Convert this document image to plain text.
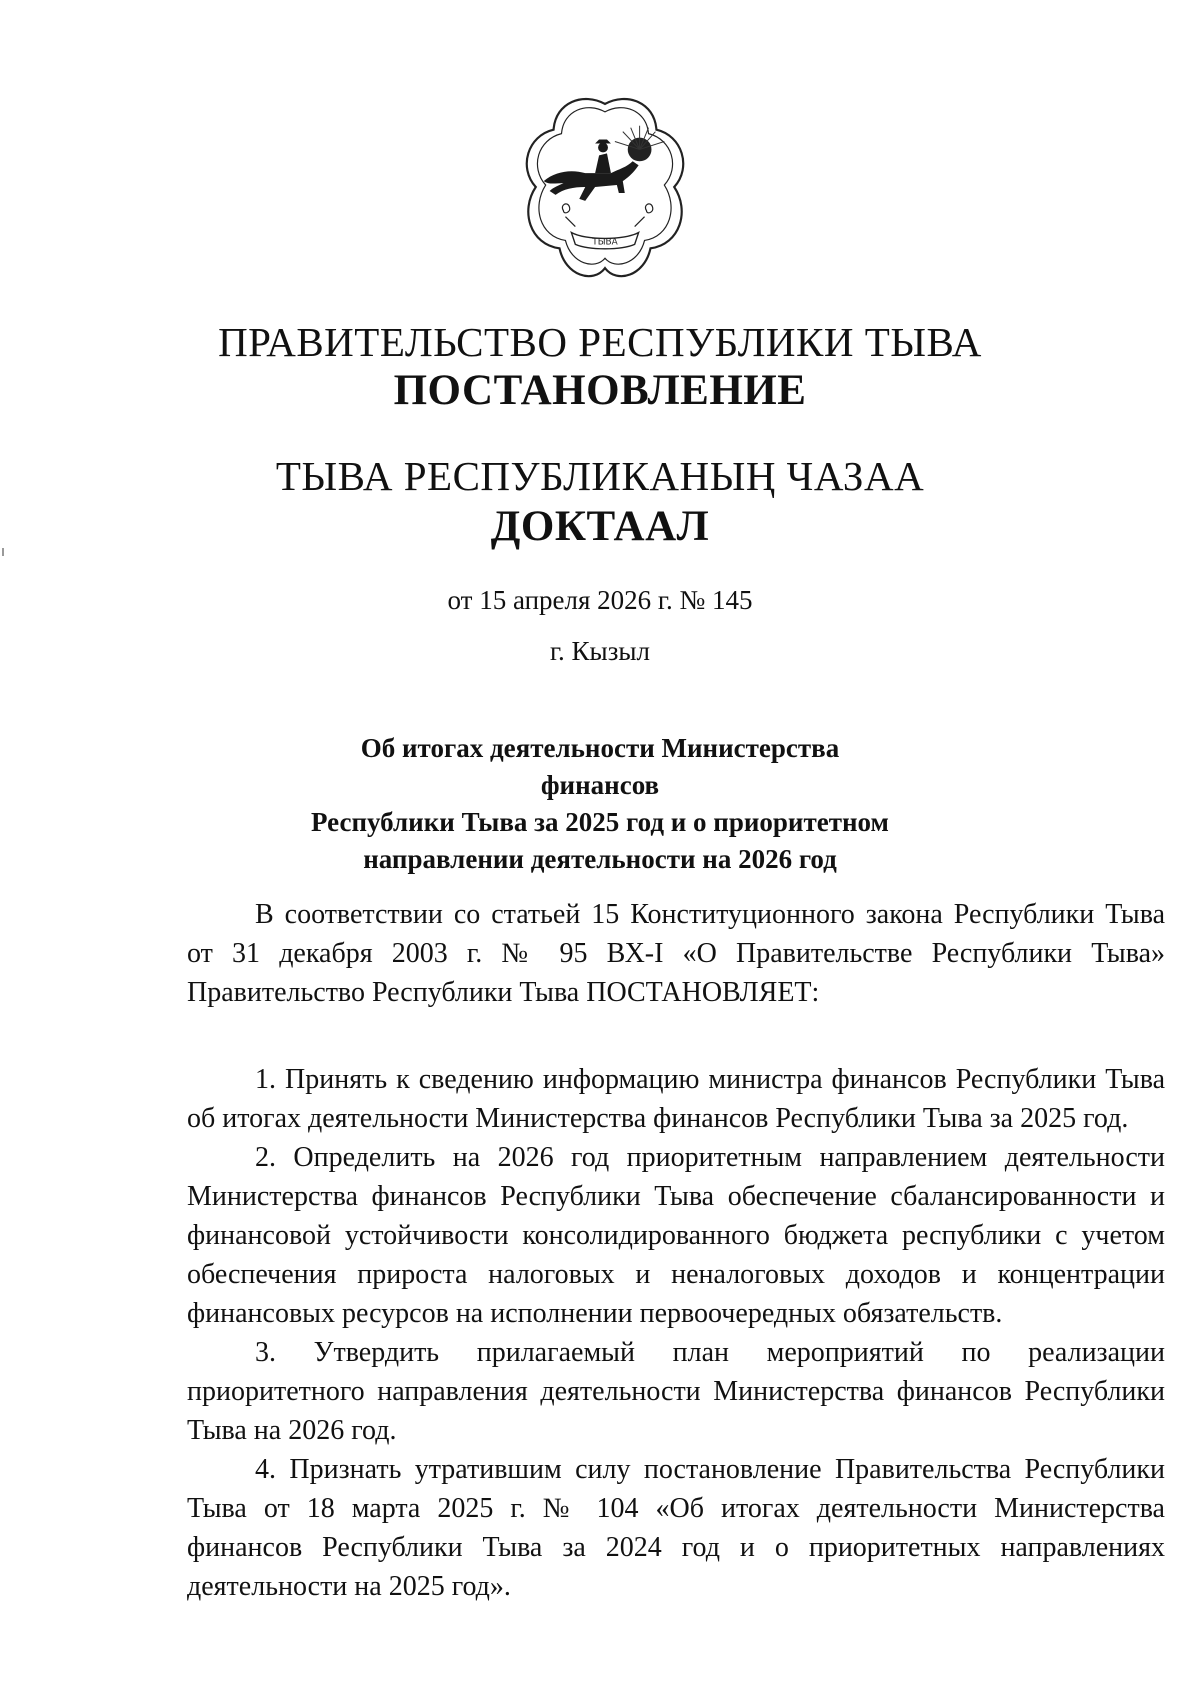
ТЫВА
ПРАВИТЕЛЬСТВО РЕСПУБЛИКИ ТЫВА
ПОСТАНОВЛЕНИЕ
ТЫВА РЕСПУБЛИКАНЫҢ ЧАЗАА
ДОКТААЛ
от 15 апреля 2026 г. № 145
г. Кызыл
Об итогах деятельности Министерства финансов
Республики Тыва за 2025 год и о приоритетном
направлении деятельности на 2026 год

В соответствии со статьей 15 Конституционного закона Республики Тыва от 31 декабря 2003 г. № 95 ВХ-I «О Правительстве Республики Тыва» Правительство Республики Тыва ПОСТАНОВЛЯЕТ:

1. Принять к сведению информацию министра финансов Республики Тыва об итогах деятельности Министерства финансов Республики Тыва за 2025 год.

2. Определить на 2026 год приоритетным направлением деятельности Министерства финансов Республики Тыва обеспечение сбалансированности и финансовой устойчивости консолидированного бюджета республики с учетом обеспечения прироста налоговых и неналоговых доходов и концентрации финансовых ресурсов на исполнении первоочередных обязательств.

3. Утвердить прилагаемый план мероприятий по реализации приоритетного направления деятельности Министерства финансов Республики Тыва на 2026 год.

4. Признать утратившим силу постановление Правительства Республики Тыва от 18 марта 2025 г. № 104 «Об итогах деятельности Министерства финансов Республики Тыва за 2024 год и о приоритетных направлениях деятельности на 2025 год».
